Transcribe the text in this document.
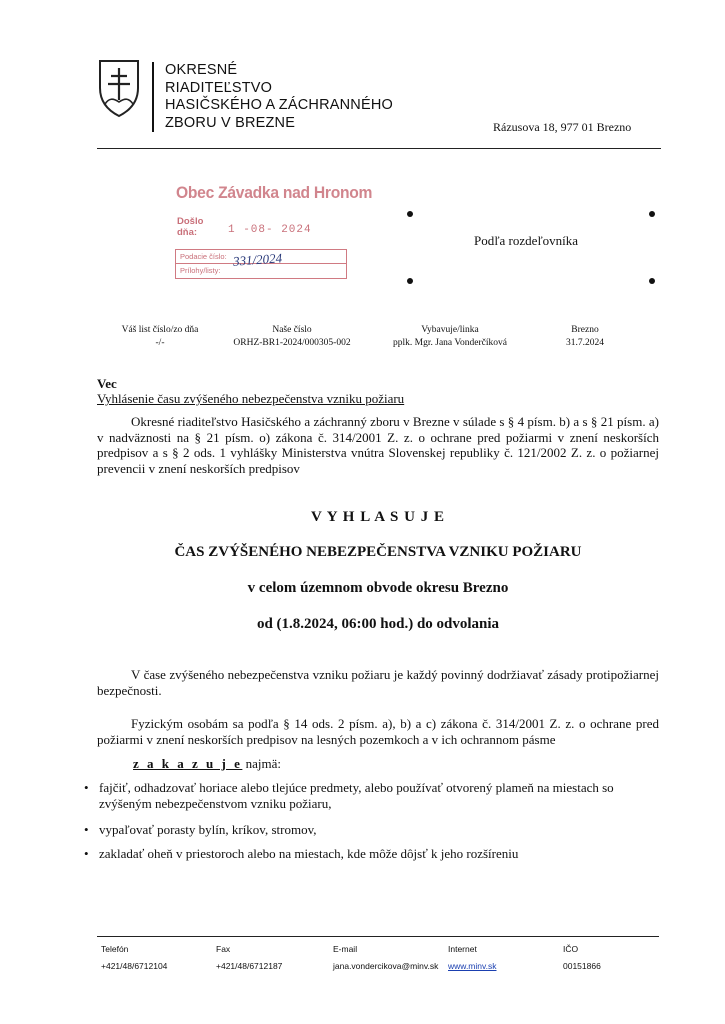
OKRESNÉ
RIADITEĽSTVO
HASIČSKÉHO A ZÁCHRANNÉHO
ZBORU V BREZNE	Rázusova 18, 977 01 Brezno
Obec Závadka nad Hronom
Došlo
dňa:	1 -08- 2024
Podacie číslo:
Prílohy/listy:
331/2024
Podľa rozdeľovníka
Váš list číslo/zo dňa
-/-
Naše číslo
ORHZ-BR1-2024/000305-002
Vybavuje/linka
pplk. Mgr. Jana Vonderčíková
Brezno
31.7.2024
Vec
Vyhlásenie času zvýšeného nebezpečenstva vzniku požiaru
Okresné riaditeľstvo Hasičského a záchranný zboru v Brezne v súlade s § 4 písm. b) a s § 21 písm. a) v nadväznosti na § 21 písm. o) zákona č. 314/2001 Z. z. o ochrane pred požiarmi v znení neskorších predpisov a s § 2 ods. 1 vyhlášky Ministerstva vnútra Slovenskej republiky č. 121/2002 Z. z. o požiarnej prevencii v znení neskorších predpisov
V Y H L A S U J E
ČAS ZVÝŠENÉHO NEBEZPEČENSTVA VZNIKU POŽIARU
v celom územnom obvode okresu Brezno
od (1.8.2024, 06:00 hod.) do odvolania
V čase zvýšeného nebezpečenstva vzniku požiaru je každý povinný dodržiavať zásady protipožiarnej bezpečnosti.
Fyzickým osobám sa podľa § 14 ods. 2 písm. a), b) a c) zákona č. 314/2001 Z. z. o ochrane pred požiarmi v znení neskorších predpisov na lesných pozemkoch a v ich ochrannom pásme
z a k a z u j e najmä:
• fajčiť, odhadzovať horiace alebo tlejúce predmety, alebo používať otvorený plameň na miestach so zvýšeným nebezpečenstvom vzniku požiaru,
• vypaľovať porasty bylín, kríkov, stromov,
• zakladať oheň v priestoroch alebo na miestach, kde môže dôjsť k jeho rozšíreniu
Telefón
+421/48/6712104
Fax
+421/48/6712187
E-mail
jana.vondercikova@minv.sk
Internet
www.minv.sk
IČO
00151866
